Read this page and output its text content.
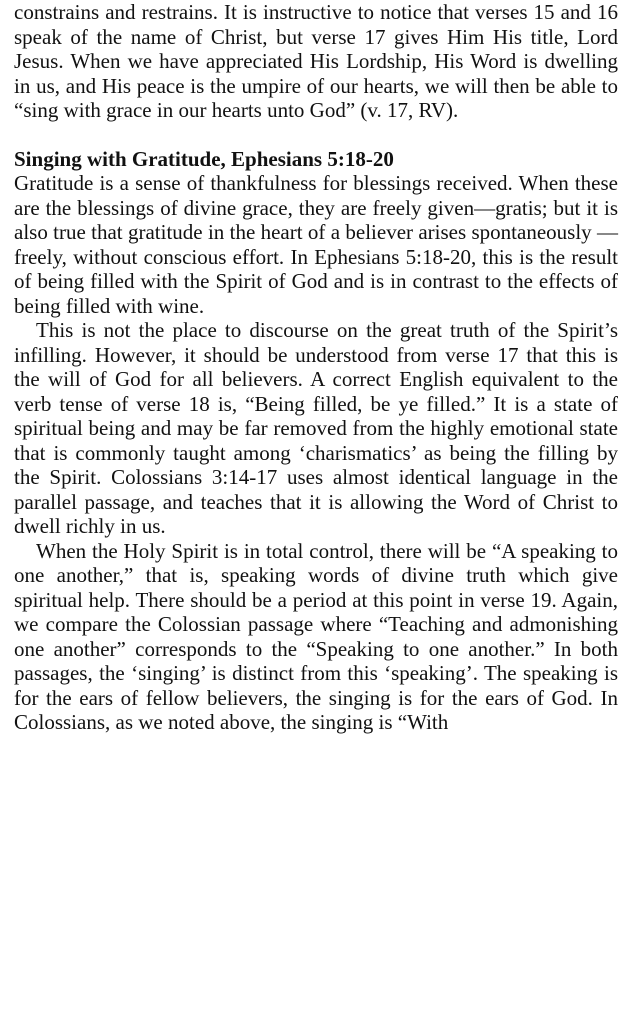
constrains and restrains. It is instructive to notice that verses 15 and 16 speak of the name of Christ, but verse 17 gives Him His title, Lord Jesus. When we have appreciated His Lordship, His Word is dwelling in us, and His peace is the umpire of our hearts, we will then be able to “sing with grace in our hearts unto God” (v. 17, RV).

Singing with Gratitude, Ephesians 5:18-20

Gratitude is a sense of thankfulness for blessings received. When these are the blessings of divine grace, they are freely given—gratis; but it is also true that gratitude in the heart of a believer arises spontaneously —freely, without conscious effort. In Ephesians 5:18-20, this is the result of being filled with the Spirit of God and is in contrast to the effects of being filled with wine.

This is not the place to discourse on the great truth of the Spirit’s infilling. However, it should be understood from verse 17 that this is the will of God for all believers. A correct English equivalent to the verb tense of verse 18 is, “Being filled, be ye filled.” It is a state of spiritual being and may be far removed from the highly emotional state that is commonly taught among ‘charismatics’ as being the filling by the Spirit. Colossians 3:14-17 uses almost identical language in the parallel passage, and teaches that it is allowing the Word of Christ to dwell richly in us.

When the Holy Spirit is in total control, there will be “A speaking to one another,” that is, speaking words of divine truth which give spiritual help. There should be a period at this point in verse 19. Again, we compare the Colossian passage where “Teaching and admonishing one another” corresponds to the “Speaking to one another.” In both passages, the ‘singing’ is distinct from this ‘speaking’. The speaking is for the ears of fellow believers, the singing is for the ears of God. In Colossians, as we noted above, the singing is “With
